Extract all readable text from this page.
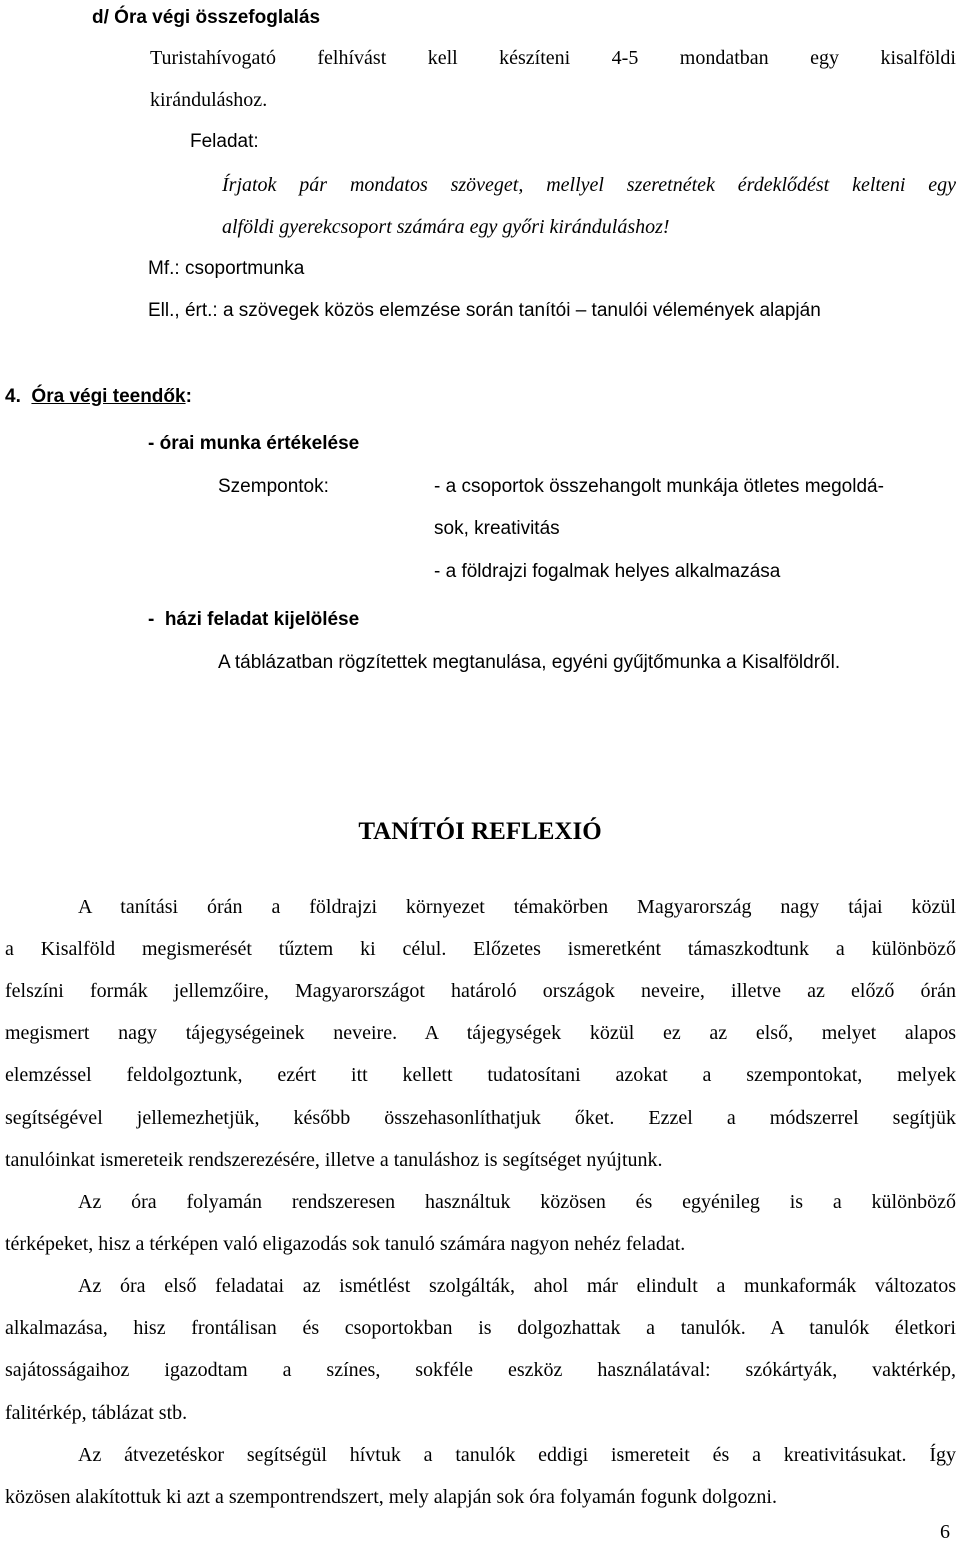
d/ Óra végi összefoglalás
Turistahívogató felhívást kell készíteni 4-5 mondatban egy kisalföldi
kiránduláshoz.
Feladat:
Írjatok pár mondatos szöveget, mellyel szeretnétek érdeklődést kelteni egy
alföldi gyerekcsoport számára egy győri kiránduláshoz!
Mf.: csoportmunka
Ell., ért.: a szövegek közös elemzése során tanítói – tanulói vélemények alapján
4. Óra végi teendők:
- órai munka értékelése
Szempontok:	- a csoportok összehangolt munkája ötletes megoldá-
sok, kreativitás
- a földrajzi fogalmak helyes alkalmazása
- házi feladat kijelölése
A táblázatban rögzítettek megtanulása, egyéni gyűjtőmunka a Kisalföldről.
TANÍTÓI REFLEXIÓ
A tanítási órán a földrajzi környezet témakörben Magyarország nagy tájai közül
a Kisalföld megismerését tűztem ki célul. Előzetes ismeretként támaszkodtunk a különböző
felszíni formák jellemzőire, Magyarországot határoló országok neveire, illetve az előző órán
megismert nagy tájegységeinek neveire. A tájegységek közül ez az első, melyet alapos
elemzéssel feldolgoztunk, ezért itt kellett tudatosítani azokat a szempontokat, melyek
segítségével jellemezhetjük, később összehasonlíthatjuk őket. Ezzel a módszerrel segítjük
tanulóinkat ismereteik rendszerezésére, illetve a tanuláshoz is segítséget nyújtunk.
Az óra folyamán rendszeresen használtuk közösen és egyénileg is a különböző
térképeket, hisz a térképen való eligazodás sok tanuló számára nagyon nehéz feladat.
Az óra első feladatai az ismétlést szolgálták, ahol már elindult a munkaformák változatos
alkalmazása, hisz frontálisan és csoportokban is dolgozhattak a tanulók. A tanulók életkori
sajátosságaihoz igazodtam a színes, sokféle eszköz használatával: szókártyák, vaktérkép,
falitérkép, táblázat stb.
Az átvezetéskor segítségül hívtuk a tanulók eddigi ismereteit és a kreativitásukat. Így
közösen alakítottuk ki azt a szempontrendszert, mely alapján sok óra folyamán fogunk dolgozni.
6
